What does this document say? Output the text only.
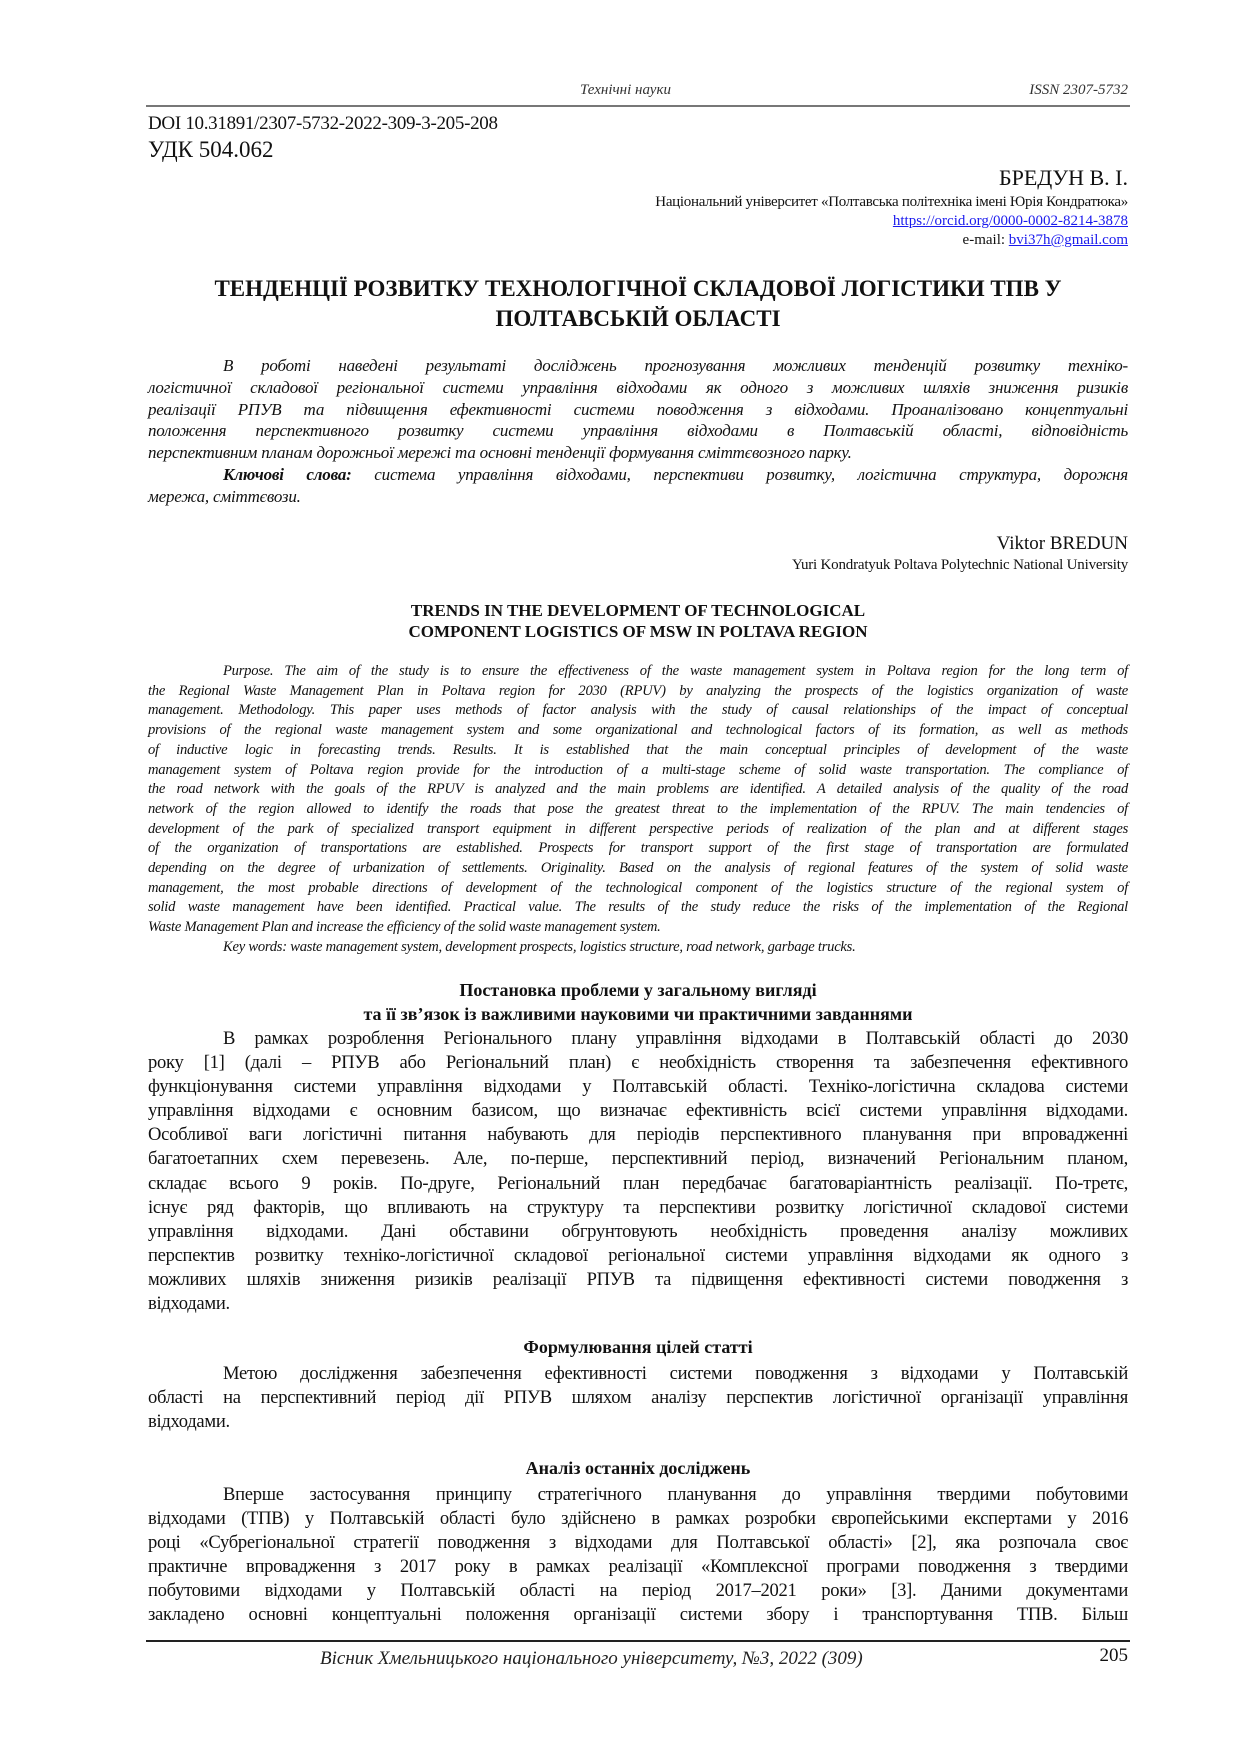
Технічні науки	ISSN 2307-5732
DOI 10.31891/2307-5732-2022-309-3-205-208
УДК 504.062
БРЕДУН В. І.
Національний університет «Полтавська політехніка імені Юрія Кондратюка»
https://orcid.org/0000-0002-8214-3878
e-mail: bvi37h@gmail.com
ТЕНДЕНЦІЇ РОЗВИТКУ ТЕХНОЛОГІЧНОЇ СКЛАДОВОЇ ЛОГІСТИКИ ТПВ У
ПОЛТАВСЬКІЙ ОБЛАСТІ
В роботі наведені результаті досліджень прогнозування можливих тенденцій розвитку техніко-
логістичної складової регіональної системи управління відходами як одного з можливих шляхів зниження ризиків
реалізації РПУВ та підвищення ефективності системи поводження з відходами. Проаналізовано концептуальні
положення перспективного розвитку системи управління відходами в Полтавській області, відповідність
перспективним планам дорожньої мережі та основні тенденції формування сміттєвозного парку.
Ключові слова: система управління відходами, перспективи розвитку, логістична структура, дорожня
мережа, сміттєвози.
Viktor BREDUN
Yuri Kondratyuk Poltava Polytechnic National University
TRENDS IN THE DEVELOPMENT OF TECHNOLOGICAL
COMPONENT LOGISTICS OF MSW IN POLTAVA REGION
Purpose. The aim of the study is to ensure the effectiveness of the waste management system in Poltava region for the long term of
the Regional Waste Management Plan in Poltava region for 2030 (RPUV) by analyzing the prospects of the logistics organization of waste
management. Methodology. This paper uses methods of factor analysis with the study of causal relationships of the impact of conceptual
provisions of the regional waste management system and some organizational and technological factors of its formation, as well as methods
of inductive logic in forecasting trends. Results. It is established that the main conceptual principles of development of the waste
management system of Poltava region provide for the introduction of a multi-stage scheme of solid waste transportation. The compliance of
the road network with the goals of the RPUV is analyzed and the main problems are identified. A detailed analysis of the quality of the road
network of the region allowed to identify the roads that pose the greatest threat to the implementation of the RPUV. The main tendencies of
development of the park of specialized transport equipment in different perspective periods of realization of the plan and at different stages
of the organization of transportations are established. Prospects for transport support of the first stage of transportation are formulated
depending on the degree of urbanization of settlements. Originality. Based on the analysis of regional features of the system of solid waste
management, the most probable directions of development of the technological component of the logistics structure of the regional system of
solid waste management have been identified. Practical value. The results of the study reduce the risks of the implementation of the Regional
Waste Management Plan and increase the efficiency of the solid waste management system.
Key words: waste management system, development prospects, logistics structure, road network, garbage trucks.
Постановка проблеми у загальному вигляді
та її зв’язок із важливими науковими чи практичними завданнями
В рамках розроблення Регіонального плану управління відходами в Полтавській області до 2030
року [1] (далі – РПУВ або Регіональний план) є необхідність створення та забезпечення ефективного
функціонування системи управління відходами у Полтавській області. Техніко-логістична складова системи
управління відходами є основним базисом, що визначає ефективність всієї системи управління відходами.
Особливої ваги логістичні питання набувають для періодів перспективного планування при впровадженні
багатоетапних схем перевезень. Але, по-перше, перспективний період, визначений Регіональним планом,
складає всього 9 років. По-друге, Регіональний план передбачає багатоваріантність реалізації. По-третє,
існує ряд факторів, що впливають на структуру та перспективи розвитку логістичної складової системи
управління відходами. Дані обставини обгрунтовують необхідність проведення аналізу можливих
перспектив розвитку техніко-логістичної складової регіональної системи управління відходами як одного з
можливих шляхів зниження ризиків реалізації РПУВ та підвищення ефективності системи поводження з
відходами.
Формулювання цілей статті
Метою дослідження забезпечення ефективності системи поводження з відходами у Полтавській
області на перспективний період дії РПУВ шляхом аналізу перспектив логістичної організації управління
відходами.
Аналіз останніх досліджень
Вперше застосування принципу стратегічного планування до управління твердими побутовими
відходами (ТПВ) у Полтавській області було здійснено в рамках розробки європейськими експертами у 2016
році «Субрегіональної стратегії поводження з відходами для Полтавської області» [2], яка розпочала своє
практичне впровадження з 2017 року в рамках реалізації «Комплексної програми поводження з твердими
побутовими відходами у Полтавській області на період 2017–2021 роки» [3]. Даними документами
закладено основні концептуальні положення організації системи збору і транспортування ТПВ. Більш
Вісник Хмельницького національного університету, №3, 2022 (309)	205
